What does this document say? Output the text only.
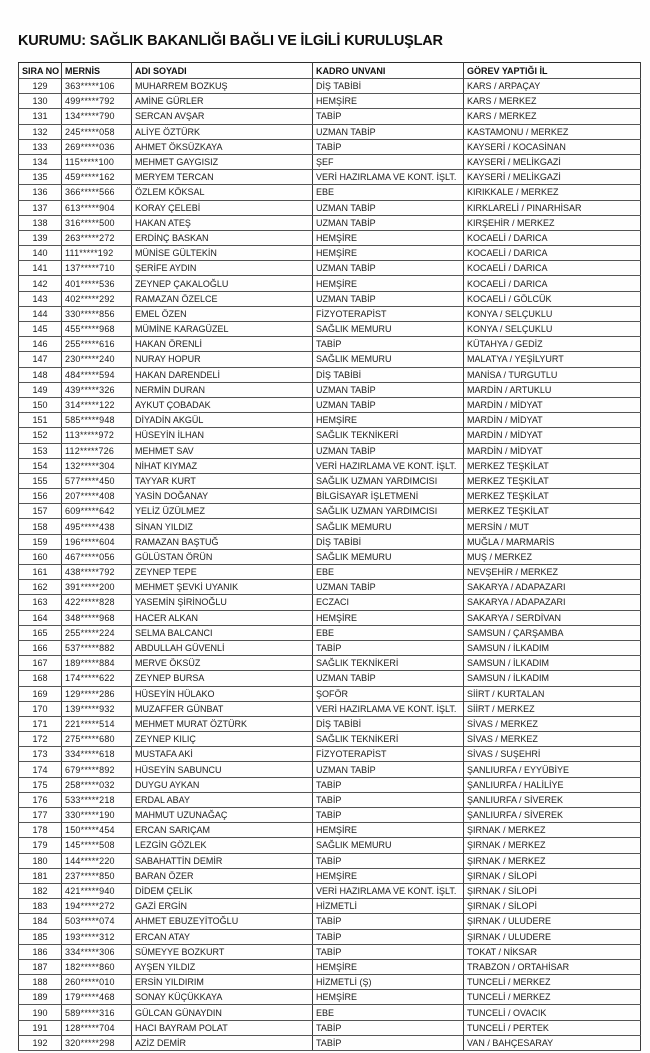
KURUMU: SAĞLIK BAKANLIĞI BAĞLI VE İLGİLİ KURULUŞLAR
SIRA NO	MERNİS	ADI SOYADI	KADRO UNVANI	GÖREV YAPTIĞI İL
129	363*****106	MUHARREM BOZKUŞ	DİŞ TABİBİ	KARS / ARPAÇAY
130	499*****792	AMİNE GÜRLER	HEMŞİRE	KARS / MERKEZ
131	134*****790	SERCAN AVŞAR	TABİP	KARS / MERKEZ
132	245*****058	ALİYE ÖZTÜRK	UZMAN TABİP	KASTAMONU / MERKEZ
133	269*****036	AHMET ÖKSÜZKAYA	TABİP	KAYSERİ / KOCASİNAN
134	115*****100	MEHMET GAYGISIZ	ŞEF	KAYSERİ / MELİKGAZİ
135	459*****162	MERYEM TERCAN	VERİ HAZIRLAMA VE KONT. İŞLT.	KAYSERİ / MELİKGAZİ
136	366*****566	ÖZLEM KÖKSAL	EBE	KIRIKKALE / MERKEZ
137	613*****904	KORAY ÇELEBİ	UZMAN TABİP	KIRKLARELİ / PINARHİSAR
138	316*****500	HAKAN ATEŞ	UZMAN TABİP	KIRŞEHİR / MERKEZ
139	263*****272	ERDİNÇ BASKAN	HEMŞİRE	KOCAELİ / DARICA
140	111*****192	MÜNİSE GÜLTEKİN	HEMŞİRE	KOCAELİ / DARICA
141	137*****710	ŞERİFE AYDIN	UZMAN TABİP	KOCAELİ / DARICA
142	401*****536	ZEYNEP ÇAKALOĞLU	HEMŞİRE	KOCAELİ / DARICA
143	402*****292	RAMAZAN ÖZELCE	UZMAN TABİP	KOCAELİ / GÖLCÜK
144	330*****856	EMEL ÖZEN	FİZYOTERAPİST	KONYA / SELÇUKLU
145	455*****968	MÜMİNE KARAGÜZEL	SAĞLIK MEMURU	KONYA / SELÇUKLU
146	255*****616	HAKAN ÖRENLİ	TABİP	KÜTAHYA / GEDİZ
147	230*****240	NURAY HOPUR	SAĞLIK MEMURU	MALATYA / YEŞİLYURT
148	484*****594	HAKAN DARENDELİ	DİŞ TABİBİ	MANİSA / TURGUTLU
149	439*****326	NERMİN DURAN	UZMAN TABİP	MARDİN / ARTUKLU
150	314*****122	AYKUT ÇOBADAK	UZMAN TABİP	MARDİN / MİDYAT
151	585*****948	DİYADİN AKGÜL	HEMŞİRE	MARDİN / MİDYAT
152	113*****972	HÜSEYİN İLHAN	SAĞLIK TEKNİKERİ	MARDİN / MİDYAT
153	112*****726	MEHMET SAV	UZMAN TABİP	MARDİN / MİDYAT
154	132*****304	NİHAT KIYMAZ	VERİ HAZIRLAMA VE KONT. İŞLT.	MERKEZ TEŞKİLAT
155	577*****450	TAYYAR KURT	SAĞLIK UZMAN YARDIMCISI	MERKEZ TEŞKİLAT
156	207*****408	YASİN DOĞANAY	BİLGİSAYAR İŞLETMENİ	MERKEZ TEŞKİLAT
157	609*****642	YELİZ ÜZÜLMEZ	SAĞLIK UZMAN YARDIMCISI	MERKEZ TEŞKİLAT
158	495*****438	SİNAN YILDIZ	SAĞLIK MEMURU	MERSİN / MUT
159	196*****604	RAMAZAN BAŞTUĞ	DİŞ TABİBİ	MUĞLA / MARMARİS
160	467*****056	GÜLÜSTAN ÖRÜN	SAĞLIK MEMURU	MUŞ / MERKEZ
161	438*****792	ZEYNEP TEPE	EBE	NEVŞEHİR / MERKEZ
162	391*****200	MEHMET ŞEVKİ UYANIK	UZMAN TABİP	SAKARYA / ADAPAZARI
163	422*****828	YASEMİN ŞİRİNOĞLU	ECZACI	SAKARYA / ADAPAZARI
164	348*****968	HACER ALKAN	HEMŞİRE	SAKARYA / SERDİVAN
165	255*****224	SELMA BALCANCI	EBE	SAMSUN / ÇARŞAMBA
166	537*****882	ABDULLAH GÜVENLİ	TABİP	SAMSUN / İLKADIM
167	189*****884	MERVE ÖKSÜZ	SAĞLIK TEKNİKERİ	SAMSUN / İLKADIM
168	174*****622	ZEYNEP BURSA	UZMAN TABİP	SAMSUN / İLKADIM
169	129*****286	HÜSEYİN HÜLAKO	ŞOFÖR	SİİRT / KURTALAN
170	139*****932	MUZAFFER GÜNBAT	VERİ HAZIRLAMA VE KONT. İŞLT.	SİİRT / MERKEZ
171	221*****514	MEHMET MURAT ÖZTÜRK	DİŞ TABİBİ	SİVAS / MERKEZ
172	275*****680	ZEYNEP KILIÇ	SAĞLIK TEKNİKERİ	SİVAS / MERKEZ
173	334*****618	MUSTAFA AKİ	FİZYOTERAPİST	SİVAS / SUŞEHRİ
174	679*****892	HÜSEYİN SABUNCU	UZMAN TABİP	ŞANLIURFA / EYYÜBİYE
175	258*****032	DUYGU AYKAN	TABİP	ŞANLIURFA / HALİLİYE
176	533*****218	ERDAL ABAY	TABİP	ŞANLIURFA / SİVEREK
177	330*****190	MAHMUT UZUNAĞAÇ	TABİP	ŞANLIURFA / SİVEREK
178	150*****454	ERCAN SARIÇAM	HEMŞİRE	ŞIRNAK / MERKEZ
179	145*****508	LEZGİN GÖZLEK	SAĞLIK MEMURU	ŞIRNAK / MERKEZ
180	144*****220	SABAHATTİN DEMİR	TABİP	ŞIRNAK / MERKEZ
181	237*****850	BARAN ÖZER	HEMŞİRE	ŞIRNAK / SİLOPİ
182	421*****940	DİDEM ÇELİK	VERİ HAZIRLAMA VE KONT. İŞLT.	ŞIRNAK / SİLOPİ
183	194*****272	GAZİ ERGİN	HİZMETLİ	ŞIRNAK / SİLOPİ
184	503*****074	AHMET EBUZEYİTOĞLU	TABİP	ŞIRNAK / ULUDERE
185	193*****312	ERCAN ATAY	TABİP	ŞIRNAK / ULUDERE
186	334*****306	SÜMEYYE BOZKURT	TABİP	TOKAT / NİKSAR
187	182*****860	AYŞEN YILDIZ	HEMŞİRE	TRABZON / ORTAHİSAR
188	260*****010	ERSİN YILDIRIM	HİZMETLİ (Ş)	TUNCELİ / MERKEZ
189	179*****468	SONAY KÜÇÜKKAYA	HEMŞİRE	TUNCELİ / MERKEZ
190	589*****316	GÜLCAN GÜNAYDIN	EBE	TUNCELİ / OVACIK
191	128*****704	HACI BAYRAM POLAT	TABİP	TUNCELİ / PERTEK
192	320*****298	AZİZ DEMİR	TABİP	VAN / BAHÇESARAY
